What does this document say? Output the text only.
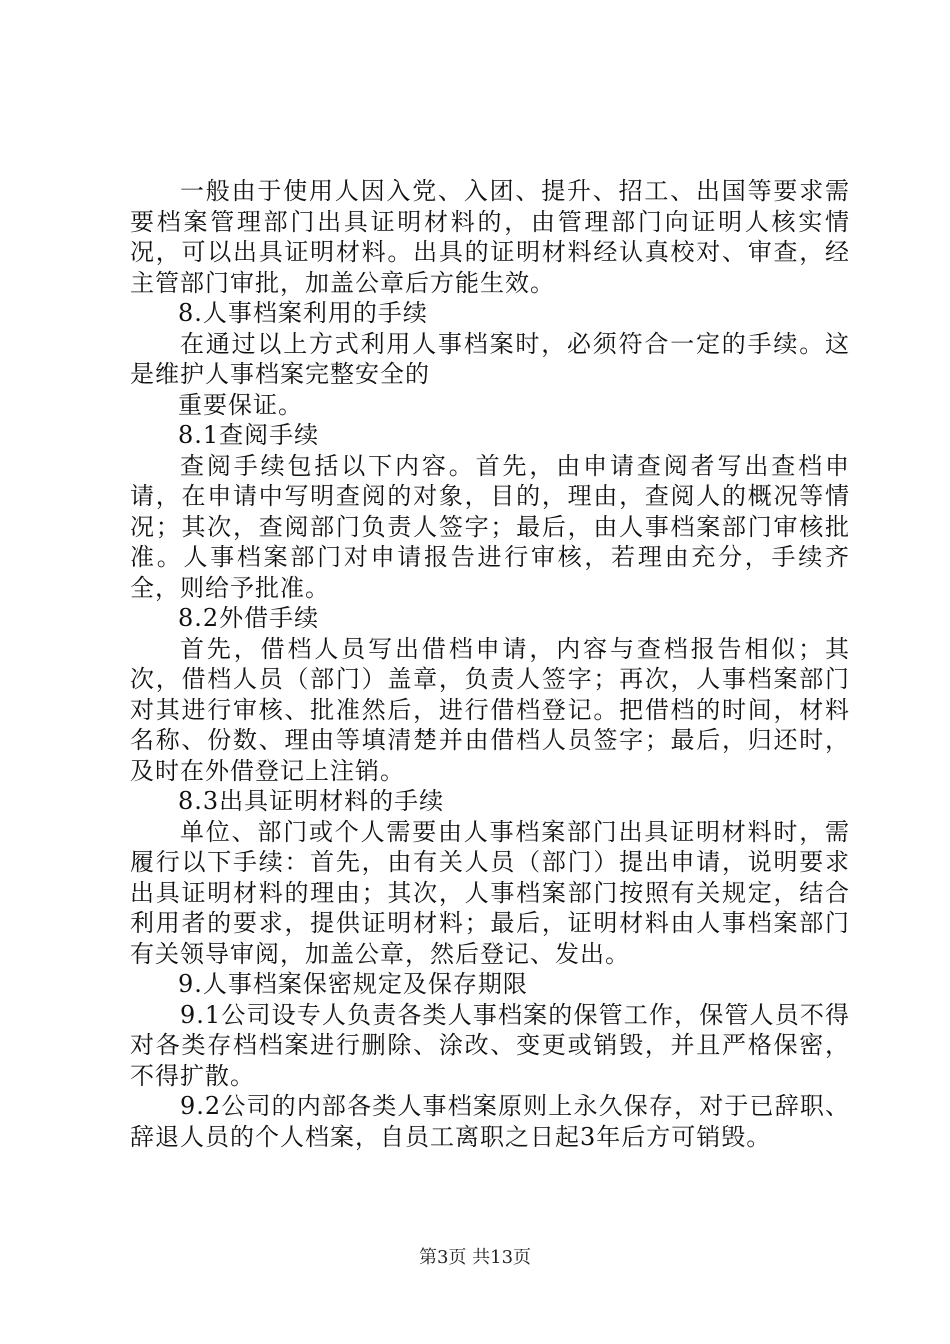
一般由于使用人因入党、入团、提升、招工、出国等要求需要档案管理部门出具证明材料的，由管理部门向证明人核实情况，可以出具证明材料。出具的证明材料经认真校对、审查，经主管部门审批，加盖公章后方能生效。

8.人事档案利用的手续

在通过以上方式利用人事档案时，必须符合一定的手续。这是维护人事档案完整安全的

重要保证。

8.1查阅手续

查阅手续包括以下内容。首先，由申请查阅者写出查档申请，在申请中写明查阅的对象，目的，理由，查阅人的概况等情况；其次，查阅部门负责人签字；最后，由人事档案部门审核批准。人事档案部门对申请报告进行审核，若理由充分，手续齐全，则给予批准。

8.2外借手续

首先，借档人员写出借档申请，内容与查档报告相似；其次，借档人员（部门）盖章，负责人签字；再次，人事档案部门对其进行审核、批准然后，进行借档登记。把借档的时间，材料名称、份数、理由等填清楚并由借档人员签字；最后，归还时，及时在外借登记上注销。

8.3出具证明材料的手续

单位、部门或个人需要由人事档案部门出具证明材料时，需履行以下手续：首先，由有关人员（部门）提出申请，说明要求出具证明材料的理由；其次，人事档案部门按照有关规定，结合利用者的要求，提供证明材料；最后，证明材料由人事档案部门有关领导审阅，加盖公章，然后登记、发出。

9.人事档案保密规定及保存期限

9.1公司设专人负责各类人事档案的保管工作，保管人员不得对各类存档档案进行删除、涂改、变更或销毁，并且严格保密，不得扩散。

9.2公司的内部各类人事档案原则上永久保存，对于已辞职、辞退人员的个人档案，自员工离职之日起3年后方可销毁。

第3页 共13页
